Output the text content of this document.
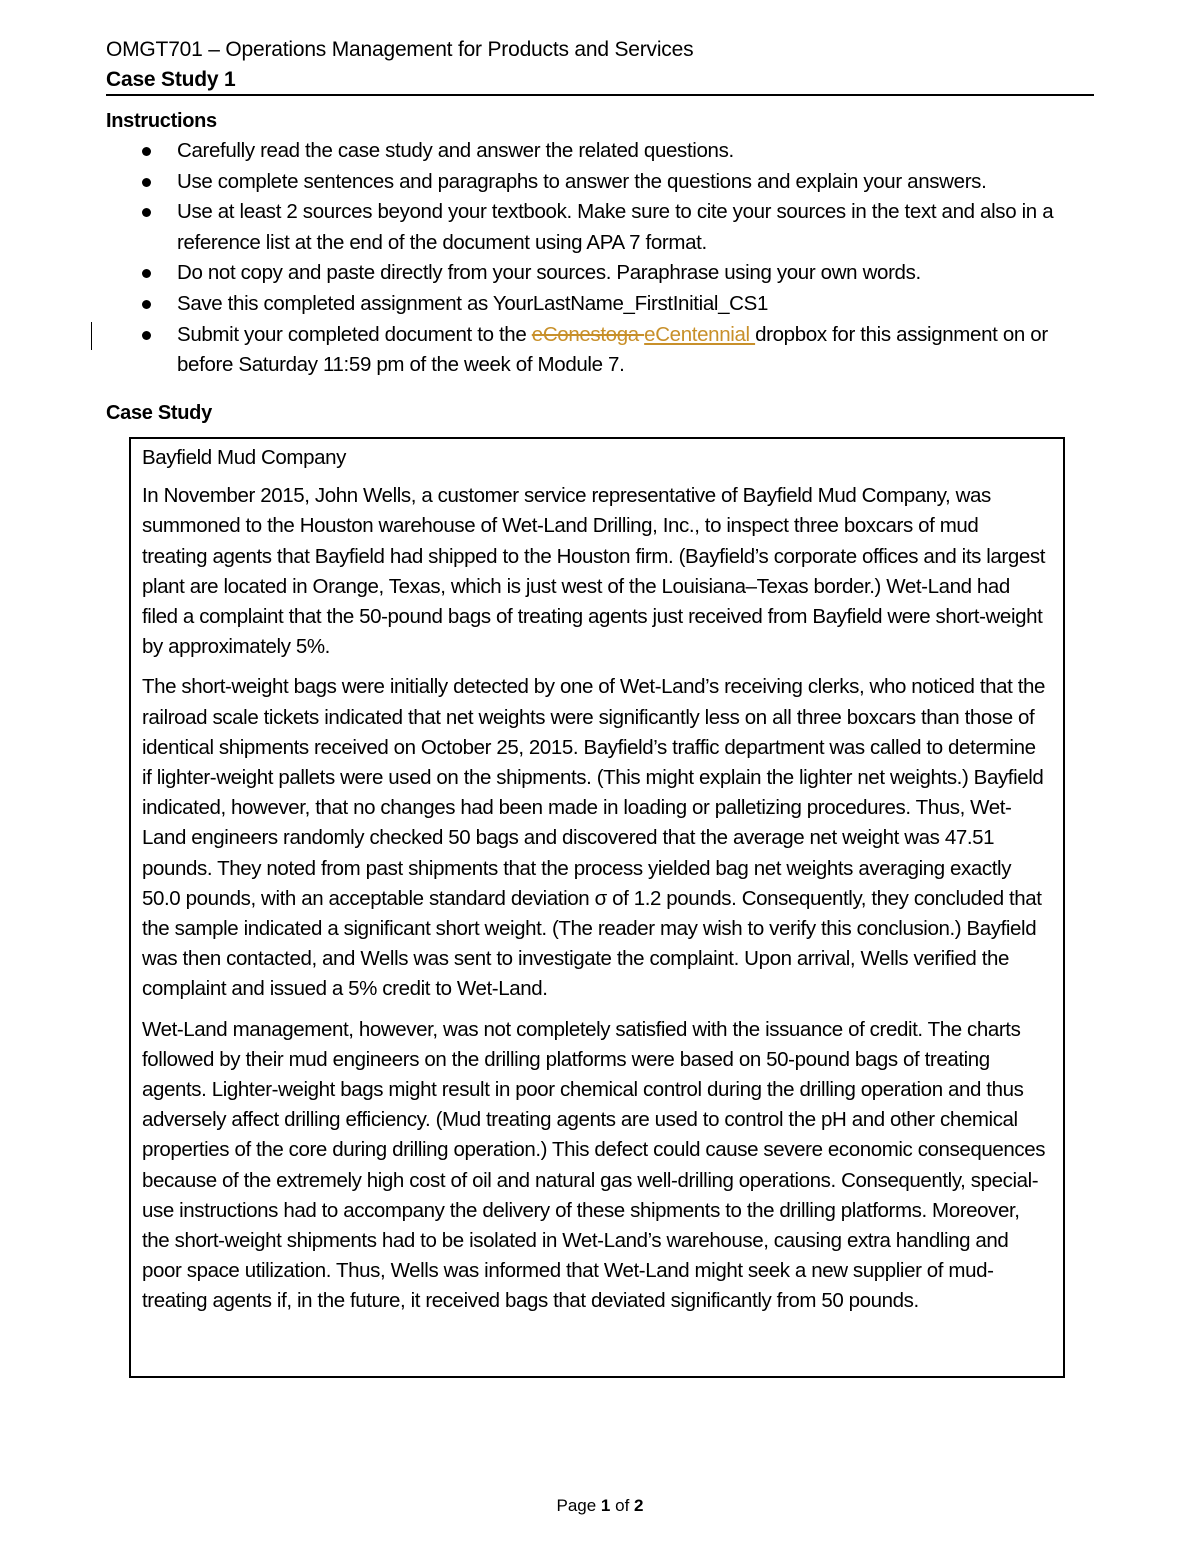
OMGT701 – Operations Management for Products and Services
Case Study 1
Instructions
Carefully read the case study and answer the related questions.
Use complete sentences and paragraphs to answer the questions and explain your answers.
Use at least 2 sources beyond your textbook. Make sure to cite your sources in the text and also in a reference list at the end of the document using APA 7 format.
Do not copy and paste directly from your sources. Paraphrase using your own words.
Save this completed assignment as YourLastName_FirstInitial_CS1
Submit your completed document to the eConestoga eCentennial dropbox for this assignment on or before Saturday 11:59 pm of the week of Module 7.
Case Study

Bayfield Mud Company

In November 2015, John Wells, a customer service representative of Bayfield Mud Company, was summoned to the Houston warehouse of Wet-Land Drilling, Inc., to inspect three boxcars of mud treating agents that Bayfield had shipped to the Houston firm. (Bayfield’s corporate offices and its largest plant are located in Orange, Texas, which is just west of the Louisiana–Texas border.) Wet-Land had filed a complaint that the 50-pound bags of treating agents just received from Bayfield were short-weight by approximately 5%.

The short-weight bags were initially detected by one of Wet-Land’s receiving clerks, who noticed that the railroad scale tickets indicated that net weights were significantly less on all three boxcars than those of identical shipments received on October 25, 2015. Bayfield’s traffic department was called to determine if lighter-weight pallets were used on the shipments. (This might explain the lighter net weights.) Bayfield indicated, however, that no changes had been made in loading or palletizing procedures. Thus, Wet-Land engineers randomly checked 50 bags and discovered that the average net weight was 47.51 pounds. They noted from past shipments that the process yielded bag net weights averaging exactly 50.0 pounds, with an acceptable standard deviation σ of 1.2 pounds. Consequently, they concluded that the sample indicated a significant short weight. (The reader may wish to verify this conclusion.) Bayfield was then contacted, and Wells was sent to investigate the complaint. Upon arrival, Wells verified the complaint and issued a 5% credit to Wet-Land.

Wet-Land management, however, was not completely satisfied with the issuance of credit. The charts followed by their mud engineers on the drilling platforms were based on 50-pound bags of treating agents. Lighter-weight bags might result in poor chemical control during the drilling operation and thus adversely affect drilling efficiency. (Mud treating agents are used to control the pH and other chemical properties of the core during drilling operation.) This defect could cause severe economic consequences because of the extremely high cost of oil and natural gas well-drilling operations. Consequently, special-use instructions had to accompany the delivery of these shipments to the drilling platforms. Moreover, the short-weight shipments had to be isolated in Wet-Land’s warehouse, causing extra handling and poor space utilization. Thus, Wells was informed that Wet-Land might seek a new supplier of mud-treating agents if, in the future, it received bags that deviated significantly from 50 pounds.

Page 1 of 2
